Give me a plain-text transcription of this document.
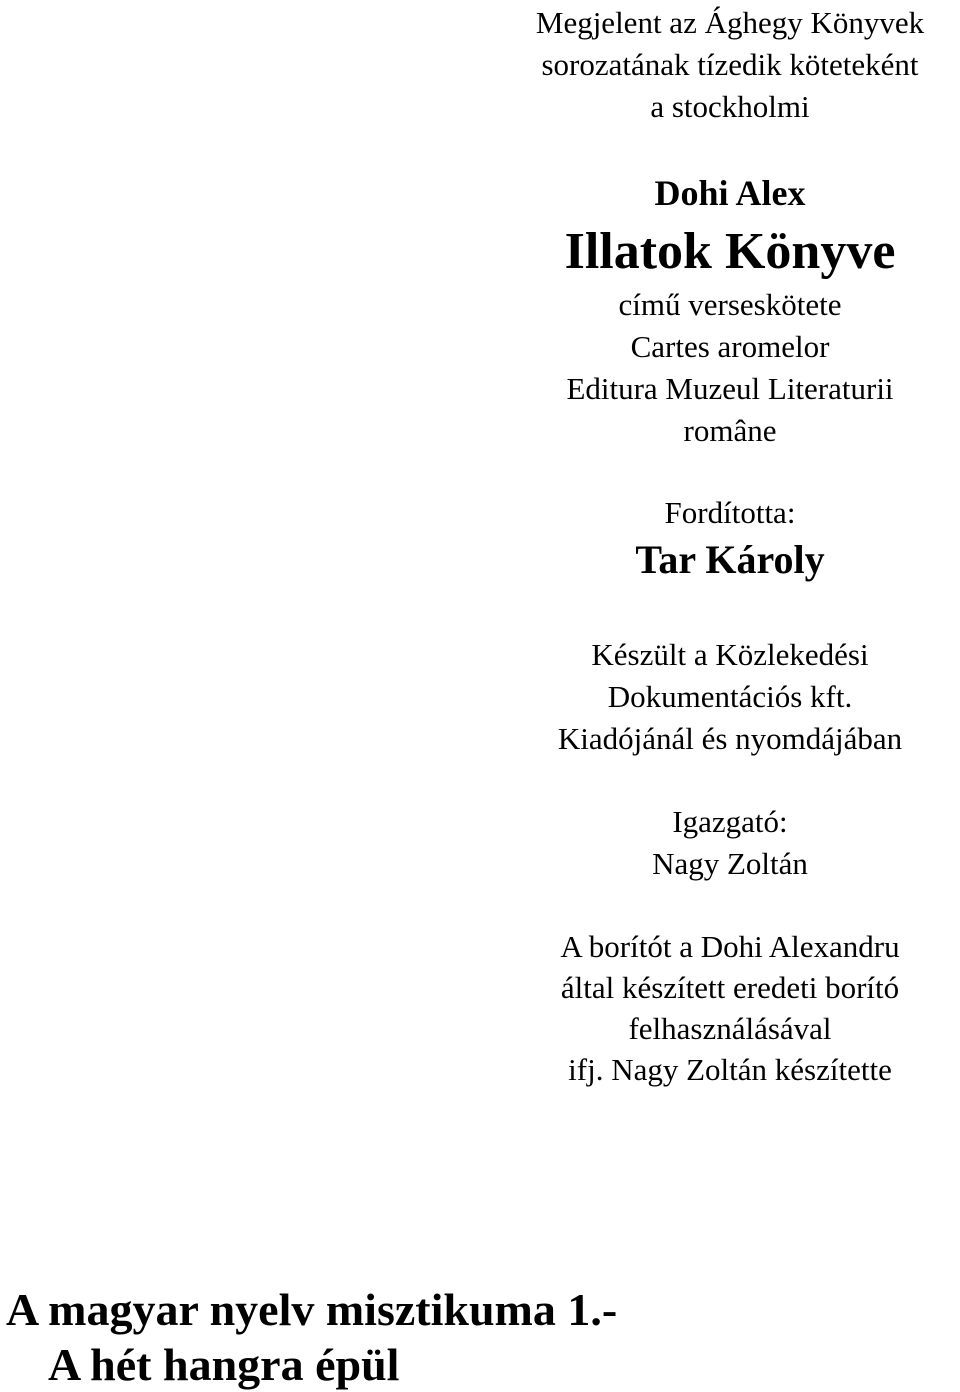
Megjelent az Ághegy Könyvek
sorozatának tízedik köteteként
a stockholmi
Dohi Alex
Illatok Könyve
című verseskötete
Cartes aromelor
Editura Muzeul Literaturii
române
Fordította:
Tar Károly
Készült a Közlekedési
Dokumentációs kft.
Kiadójánál és nyomdájában
Igazgató:
Nagy Zoltán
A borítót a Dohi Alexandru
által készített eredeti borító
felhasználásával
ifj. Nagy Zoltán készítette
A magyar nyelv misztikuma 1.-
A hét hangra épül
